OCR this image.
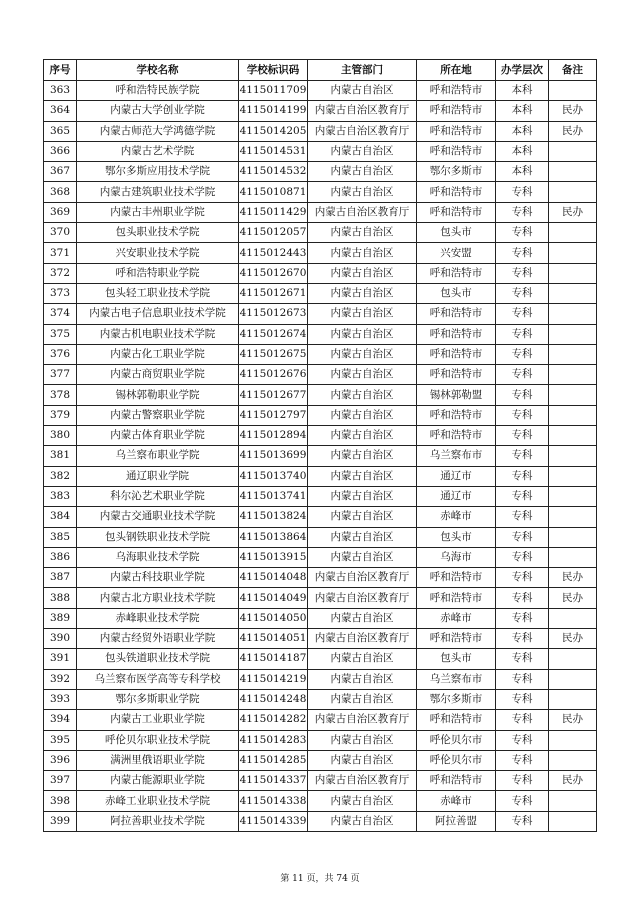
序号	学校名称	学校标识码	主管部门	所在地	办学层次	备注
363	呼和浩特民族学院	4115011709	内蒙古自治区	呼和浩特市	本科	
364	内蒙古大学创业学院	4115014199	内蒙古自治区教育厅	呼和浩特市	本科	民办
365	内蒙古师范大学鸿德学院	4115014205	内蒙古自治区教育厅	呼和浩特市	本科	民办
366	内蒙古艺术学院	4115014531	内蒙古自治区	呼和浩特市	本科	
367	鄂尔多斯应用技术学院	4115014532	内蒙古自治区	鄂尔多斯市	本科	
368	内蒙古建筑职业技术学院	4115010871	内蒙古自治区	呼和浩特市	专科	
369	内蒙古丰州职业学院	4115011429	内蒙古自治区教育厅	呼和浩特市	专科	民办
370	包头职业技术学院	4115012057	内蒙古自治区	包头市	专科	
371	兴安职业技术学院	4115012443	内蒙古自治区	兴安盟	专科	
372	呼和浩特职业学院	4115012670	内蒙古自治区	呼和浩特市	专科	
373	包头轻工职业技术学院	4115012671	内蒙古自治区	包头市	专科	
374	内蒙古电子信息职业技术学院	4115012673	内蒙古自治区	呼和浩特市	专科	
375	内蒙古机电职业技术学院	4115012674	内蒙古自治区	呼和浩特市	专科	
376	内蒙古化工职业学院	4115012675	内蒙古自治区	呼和浩特市	专科	
377	内蒙古商贸职业学院	4115012676	内蒙古自治区	呼和浩特市	专科	
378	锡林郭勒职业学院	4115012677	内蒙古自治区	锡林郭勒盟	专科	
379	内蒙古警察职业学院	4115012797	内蒙古自治区	呼和浩特市	专科	
380	内蒙古体育职业学院	4115012894	内蒙古自治区	呼和浩特市	专科	
381	乌兰察布职业学院	4115013699	内蒙古自治区	乌兰察布市	专科	
382	通辽职业学院	4115013740	内蒙古自治区	通辽市	专科	
383	科尔沁艺术职业学院	4115013741	内蒙古自治区	通辽市	专科	
384	内蒙古交通职业技术学院	4115013824	内蒙古自治区	赤峰市	专科	
385	包头钢铁职业技术学院	4115013864	内蒙古自治区	包头市	专科	
386	乌海职业技术学院	4115013915	内蒙古自治区	乌海市	专科	
387	内蒙古科技职业学院	4115014048	内蒙古自治区教育厅	呼和浩特市	专科	民办
388	内蒙古北方职业技术学院	4115014049	内蒙古自治区教育厅	呼和浩特市	专科	民办
389	赤峰职业技术学院	4115014050	内蒙古自治区	赤峰市	专科	
390	内蒙古经贸外语职业学院	4115014051	内蒙古自治区教育厅	呼和浩特市	专科	民办
391	包头铁道职业技术学院	4115014187	内蒙古自治区	包头市	专科	
392	乌兰察布医学高等专科学校	4115014219	内蒙古自治区	乌兰察布市	专科	
393	鄂尔多斯职业学院	4115014248	内蒙古自治区	鄂尔多斯市	专科	
394	内蒙古工业职业学院	4115014282	内蒙古自治区教育厅	呼和浩特市	专科	民办
395	呼伦贝尔职业技术学院	4115014283	内蒙古自治区	呼伦贝尔市	专科	
396	满洲里俄语职业学院	4115014285	内蒙古自治区	呼伦贝尔市	专科	
397	内蒙古能源职业学院	4115014337	内蒙古自治区教育厅	呼和浩特市	专科	民办
398	赤峰工业职业技术学院	4115014338	内蒙古自治区	赤峰市	专科	
399	阿拉善职业技术学院	4115014339	内蒙古自治区	阿拉善盟	专科	
第 11 页，共 74 页
